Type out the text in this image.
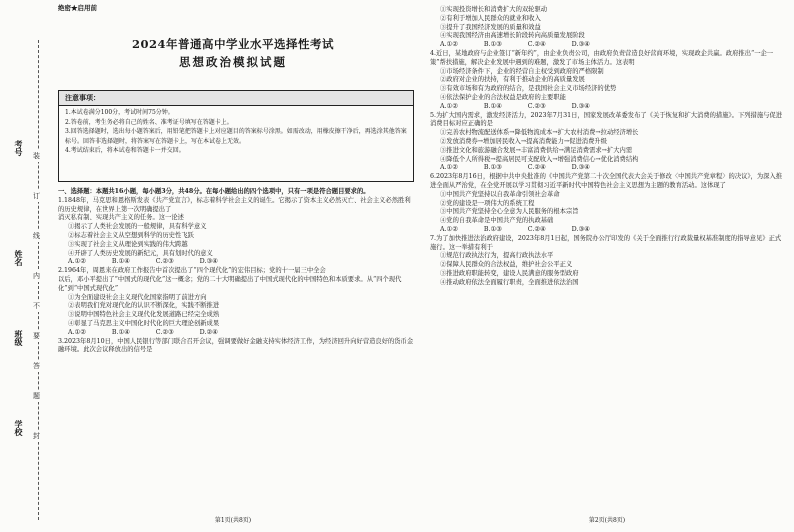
考号
姓名
班级
学校
装
订
线
内
不
要
答
题
封
绝密★启用前
2024年普通高中学业水平选择性考试
思想政治模拟试题
注意事项：

1.本试卷满分100分，考试时间75分钟。

2.答卷前，考生务必将自己的姓名、准考证号填写在答题卡上。

3.回答选择题时，选出每小题答案后，用铅笔把答题卡上对应题目的答案标号涂黑。如需改动，用橡皮擦干净后，再选涂其他答案标号。回答非选择题时，将答案写在答题卡上，写在本试卷上无效。

4.考试结束后，将本试卷和答题卡一并交回。

一、选择题：本题共16小题，每小题3分，共48分。在每小题给出的四个选项中，只有一项是符合题目要求的。

1.1848年，马克思和恩格斯发表《共产党宣言》，标志着科学社会主义的诞生。它揭示了资本主义必然灭亡、社会主义必然胜利的历史规律，在世界上第一次明确提出了

消灭私有制、实现共产主义的任务。这一论述

①揭示了人类社会发展的一般规律，具有科学意义

②标志着社会主义从空想到科学的历史性飞跃

③实现了社会主义从理论到实践的伟大跨越

④开辟了人类历史发展的新纪元，具有划时代的意义

A.①② B.①④ C.②③ D.③④

2.1964年，周恩来在政府工作报告中首次提出了“四个现代化”的宏伟目标；党的十一届三中全会

以后，邓小平提出了“中国式的现代化”这一概念；党的二十大明确提出了中国式现代化的中国特色和本质要求。从“四个现代化”到“中国式现代化”

①为全面建设社会主义现代化国家指明了前进方向

②表明我们党对现代化的认识不断深化，实践不断推进

③说明中国特色社会主义现代化发展道路已经完全成熟

④彰显了马克思主义中国化时代化的巨大理论创新成果

A.①② B.①④ C.②③ D.②④

3.2023年8月10日，中国人民银行等部门联合召开会议，强调要做好金融支持实体经济工作，为经济回升向好营造良好的货币金融环境。此次会议释放出的信号是

第1页(共8页)

①实现投资增长和消费扩大的双轮驱动

②有利于增加人民群众的就业和收入

③提升了我国经济发展的质量和效益

④实现我国经济由高速增长阶段转向高质量发展阶段

A.①② B.①③ C.②④ D.③④

4.近日，某地政府与企业签订“新年约”，由企业负责公司，由政府负责营造良好营商环境，实现政企共赢。政府推出“一企一策”帮扶措施，解决企业发展中遇到的难题，激发了市场主体活力。这表明

①市场经济条件下，企业的经营自主权受到政府的严格限制

②政府对企业的扶持，有利于推动企业的高质量发展

③有效市场和有为政府的结合，是我国社会主义市场经济的优势

④依法保护企业的合法权益是政府的主要职能

A.①② B.①④ C.②③ D.③④

5.为扩大国内需求，激发经济活力，2023年7月31日，国家发展改革委发布了《关于恢复和扩大消费的措施》。下列措施与促进消费目标对应正确的是

①完善农村物流配送体系→降低物流成本→扩大农村消费→拉动经济增长

②发放消费券→增加居民收入→提高消费能力→促进消费升级

③推进文化和旅游融合发展→丰富消费供给→满足消费需求→扩大内需

④降低个人所得税→提高居民可支配收入→增强消费信心→优化消费结构

A.①② B.①③ C.②④ D.③④

6.2023年8月16日，根据中共中央批准的《中国共产党第二十次全国代表大会关于修改〈中国共产党章程〉的决议》，为深入推进全面从严治党，在全党开展以学习贯彻习近平新时代中国特色社会主义思想为主题的教育活动。这体现了

①中国共产党坚持以自我革命引领社会革命

②党的建设是一项伟大的系统工程

③中国共产党坚持全心全意为人民服务的根本宗旨

④党的自我革命是中国共产党的执政基础

A.①② B.①③ C.②④ D.③④

7.为了加快推进法治政府建设，2023年8月1日起，国务院办公厅印发的《关于全面推行行政裁量权基准制度的指导意见》正式施行。这一举措有利于

①规范行政执法行为，提高行政执法水平

②保障人民群众的合法权益，维护社会公平正义

③推进政府职能转变，建设人民满意的服务型政府

④推动政府依法全面履行职责，全面推进依法治国

第2页(共8页)
